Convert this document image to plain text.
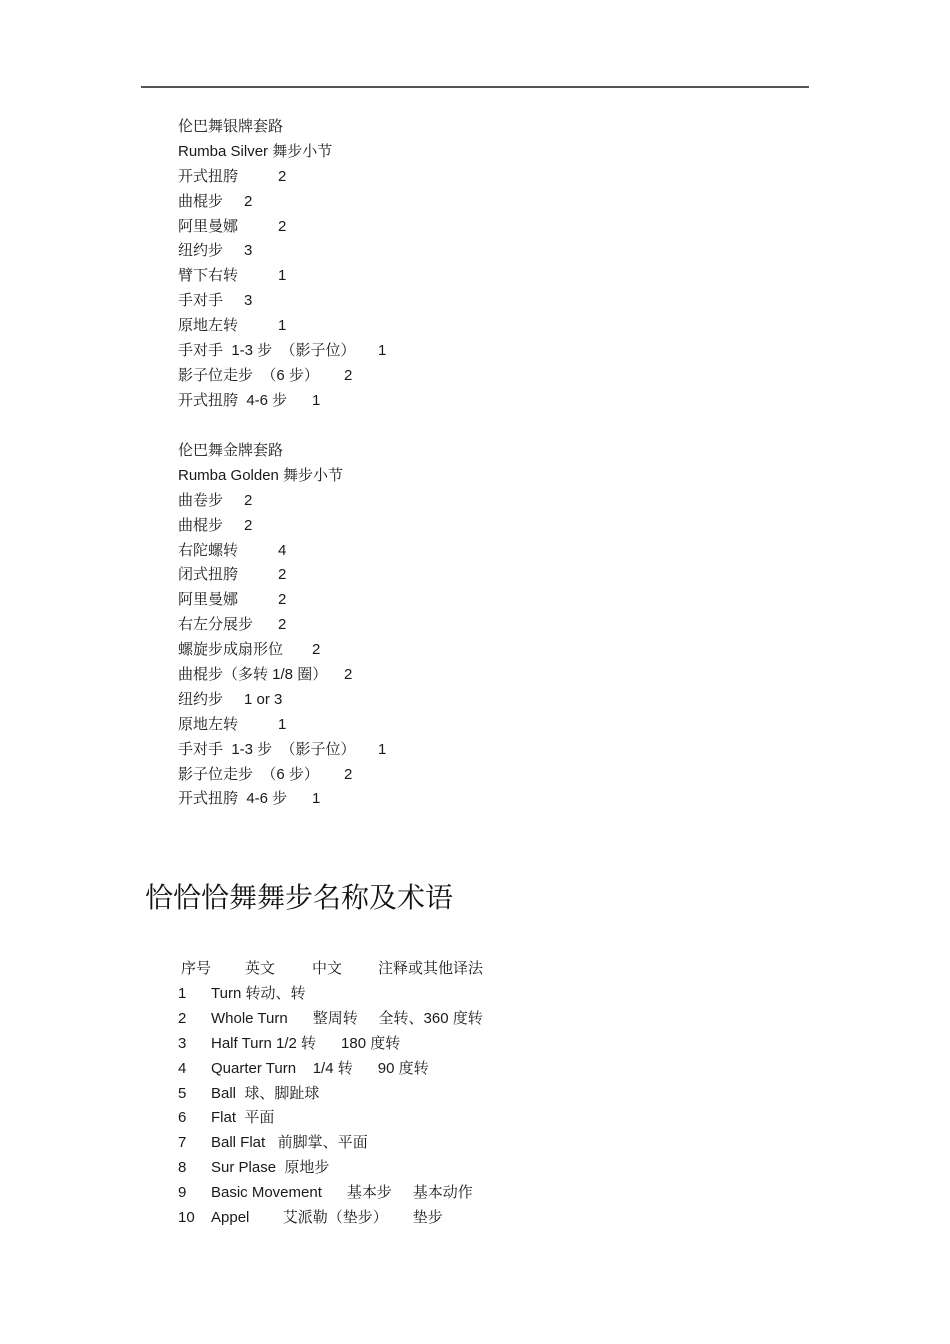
伦巴舞银牌套路
Rumba Silver 舞步小节
开式扭胯	2
曲棍步 2
阿里曼娜	2
纽约步 3
臂下右转	1
手对手 3
原地左转	1
手对手  1-3 步  （影子位） 1
影子位走步  （6 步） 2
开式扭胯  4-6 步 1
伦巴舞金牌套路
Rumba Golden 舞步小节
曲卷步 2
曲棍步 2
右陀螺转	4
闭式扭胯	2
阿里曼娜	2
右左分展步 2
螺旋步成扇形位 2
曲棍步（多转 1/8 圈） 2
纽约步 1 or 3
原地左转	1
手对手  1-3 步  （影子位） 1
影子位走步  （6 步） 2
开式扭胯  4-6 步 1
恰恰恰舞舞步名称及术语
序号 英文 中文 注释或其他译法
1 Turn 转动、转
2 Whole Turn      整周转     全转、360 度转
3 Half Turn 1/2 转      180 度转
4 Quarter Turn    1/4 转      90 度转
5 Ball  球、脚趾球
6 Flat  平面
7 Ball Flat   前脚掌、平面
8 Sur Plase  原地步
9 Basic Movement      基本步     基本动作
10 Appel        艾派勒（垫步）      垫步
